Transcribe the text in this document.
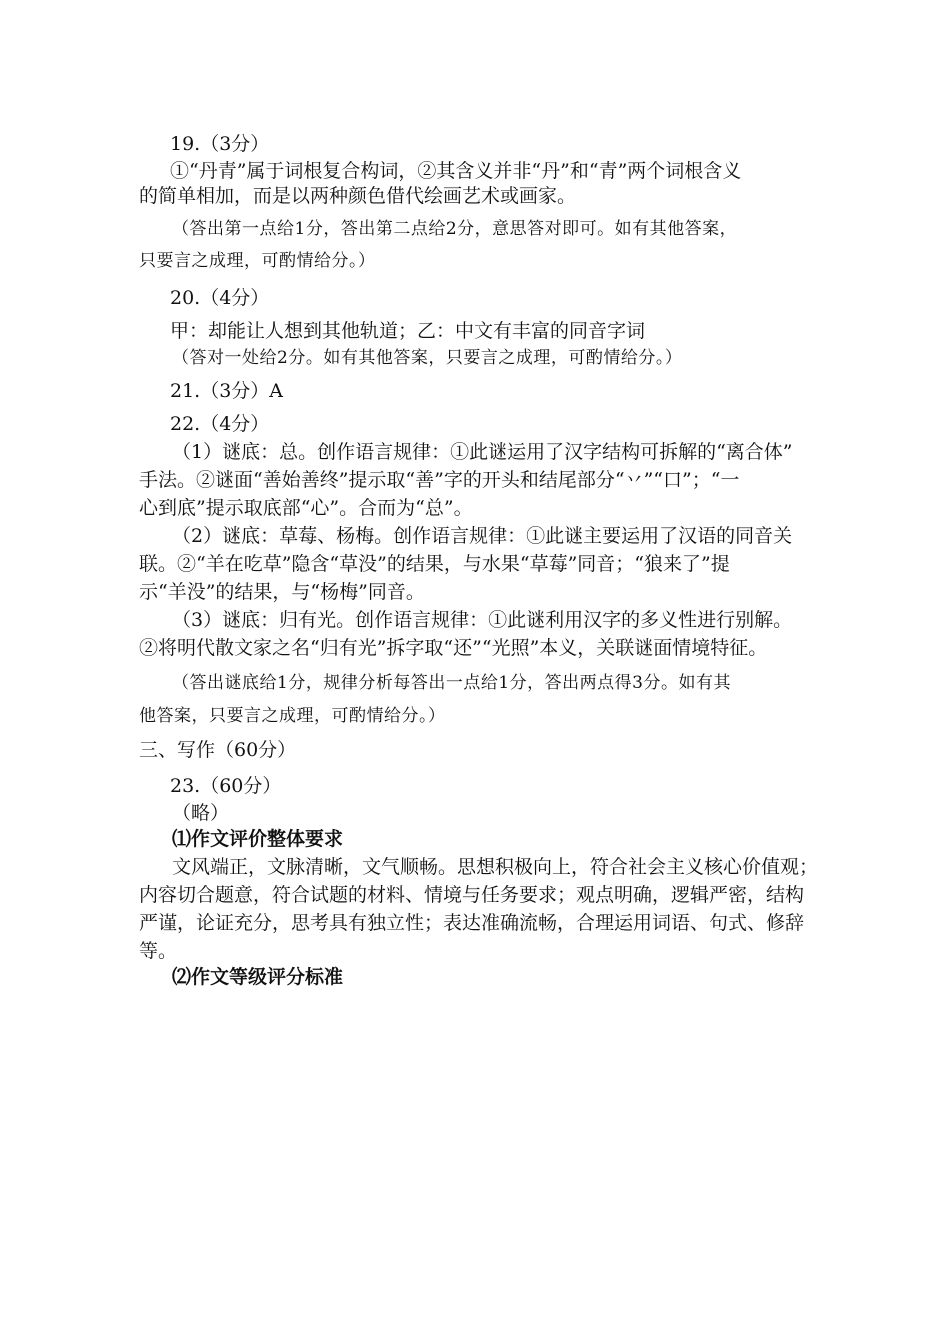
19.（3分）
①“丹青”属于词根复合构词，②其含义并非“丹”和“青”两个词根含义
的简单相加，而是以两种颜色借代绘画艺术或画家。
（答出第一点给1分，答出第二点给2分，意思答对即可。如有其他答案，
只要言之成理，可酌情给分。）
20.（4分）
甲：却能让人想到其他轨道；乙：中文有丰富的同音字词
（答对一处给2分。如有其他答案，只要言之成理，可酌情给分。）
21.（3分）A
22.（4分）
（1）谜底：总。创作语言规律：①此谜运用了汉字结构可拆解的“离合体”
手法。②谜面“善始善终”提示取“善”字的开头和结尾部分“丷”“口”；“一
心到底”提示取底部“心”。合而为“总”。
（2）谜底：草莓、杨梅。创作语言规律：①此谜主要运用了汉语的同音关
联。②“羊在吃草”隐含“草没”的结果，与水果“草莓”同音；“狼来了”提
示“羊没”的结果，与“杨梅”同音。
（3）谜底：归有光。创作语言规律：①此谜利用汉字的多义性进行别解。
②将明代散文家之名“归有光”拆字取“还”“光照”本义，关联谜面情境特征。
（答出谜底给1分，规律分析每答出一点给1分，答出两点得3分。如有其
他答案，只要言之成理，可酌情给分。）
三、写作（60分）
23.（60分）
（略）
⑴作文评价整体要求
文风端正，文脉清晰，文气顺畅。思想积极向上，符合社会主义核心价值观；
内容切合题意，符合试题的材料、情境与任务要求；观点明确，逻辑严密，结构
严谨，论证充分，思考具有独立性；表达准确流畅，合理运用词语、句式、修辞
等。
⑵作文等级评分标准
